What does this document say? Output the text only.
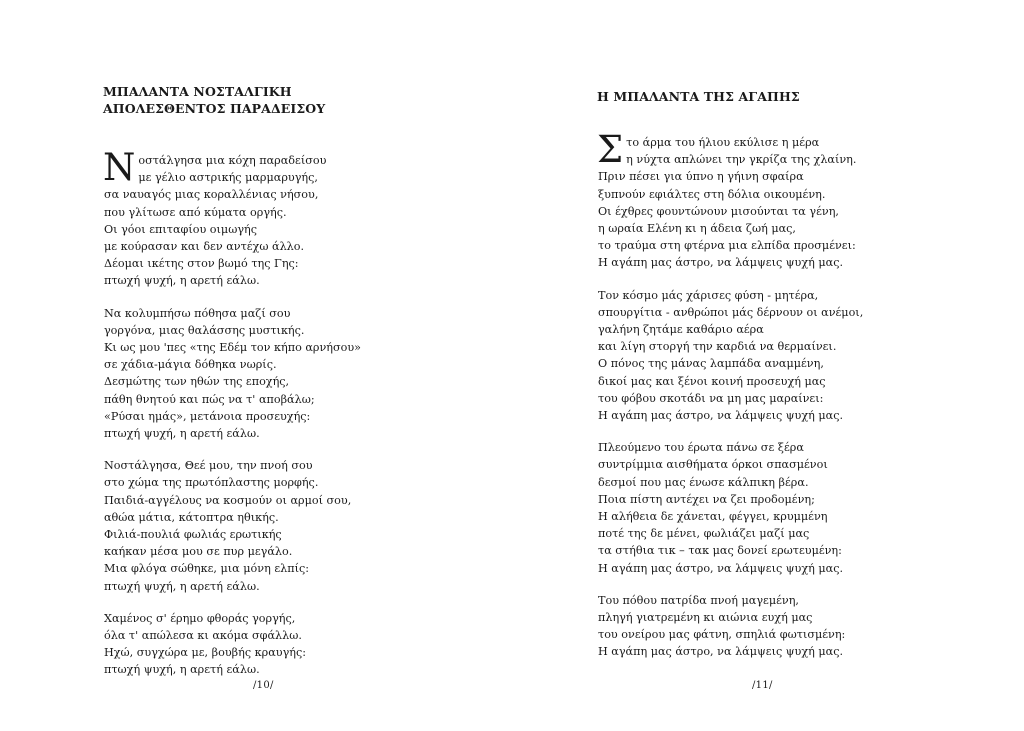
ΜΠΑΛΑΝΤΑ ΝΟΣΤΑΛΓΙΚΗ
ΑΠΟΛΕΣΘΕΝΤΟΣ ΠΑΡΑΔΕΙΣΟΥ
Ν οστάλγησα μια κόχη παραδείσου
με γέλιο αστρικής μαρμαρυγής,
σα ναυαγός μιας κοραλλένιας νήσου,
που γλίτωσε από κύματα οργής.
Οι γόοι επιταφίου οιμωγής
με κούρασαν και δεν αντέχω άλλο.
Δέομαι ικέτης στον βωμό της Γης:
πτωχή ψυχή, η αρετή εάλω.
Να κολυμπήσω πόθησα μαζί σου
γοργόνα, μιας θαλάσσης μυστικής.
Κι ως μου 'πες «της Εδέμ τον κήπο αρνήσου»
σε χάδια-μάγια δόθηκα νωρίς.
Δεσμώτης των ηθών της εποχής,
πάθη θνητού και πώς να τ' αποβάλω;
«Ρύσαι ημάς», μετάνοια προσευχής:
πτωχή ψυχή, η αρετή εάλω.
Νοστάλγησα, Θεέ μου, την πνοή σου
στο χώμα της πρωτόπλαστης μορφής.
Παιδιά-αγγέλους να κοσμούν οι αρμοί σου,
αθώα μάτια, κάτοπτρα ηθικής.
Φιλιά-πουλιά φωλιάς ερωτικής
καήκαν μέσα μου σε πυρ μεγάλο.
Μια φλόγα σώθηκε, μια μόνη ελπίς:
πτωχή ψυχή, η αρετή εάλω.
Χαμένος σ' έρημο φθοράς γοργής,
όλα τ' απώλεσα κι ακόμα σφάλλω.
Ηχώ, συγχώρα με, βουβής κραυγής:
πτωχή ψυχή, η αρετή εάλω.
/10/
Η ΜΠΑΛΑΝΤΑ ΤΗΣ ΑΓΑΠΗΣ
Σ το άρμα του ήλιου εκύλισε η μέρα
η νύχτα απλώνει την γκρίζα της χλαίνη.
Πριν πέσει για ύπνο η γήινη σφαίρα
ξυπνούν εφιάλτες στη δόλια οικουμένη.
Οι έχθρες φουντώνουν μισούνται τα γένη,
η ωραία Ελένη κι η άδεια ζωή μας,
το τραύμα στη φτέρνα μια ελπίδα προσμένει:
Η αγάπη μας άστρο, να λάμψεις ψυχή μας.
Τον κόσμο μάς χάρισες φύση - μητέρα,
σπουργίτια - ανθρώποι μάς δέρνουν οι ανέμοι,
γαλήνη ζητάμε καθάριο αέρα
και λίγη στοργή την καρδιά να θερμαίνει.
Ο πόνος της μάνας λαμπάδα αναμμένη,
δικοί μας και ξένοι κοινή προσευχή μας
του φόβου σκοτάδι να μη μας μαραίνει:
Η αγάπη μας άστρο, να λάμψεις ψυχή μας.
Πλεούμενο του έρωτα πάνω σε ξέρα
συντρίμμια αισθήματα όρκοι σπασμένοι
δεσμοί που μας ένωσε κάλπικη βέρα.
Ποια πίστη αντέχει να ζει προδομένη;
Η αλήθεια δε χάνεται, φέγγει, κρυμμένη
ποτέ της δε μένει, φωλιάζει μαζί μας
τα στήθια τικ – τακ μας δονεί ερωτευμένη:
Η αγάπη μας άστρο, να λάμψεις ψυχή μας.
Του πόθου πατρίδα πνοή μαγεμένη,
πληγή γιατρεμένη κι αιώνια ευχή μας
του ονείρου μας φάτνη, σπηλιά φωτισμένη:
Η αγάπη μας άστρο, να λάμψεις ψυχή μας.
/11/
